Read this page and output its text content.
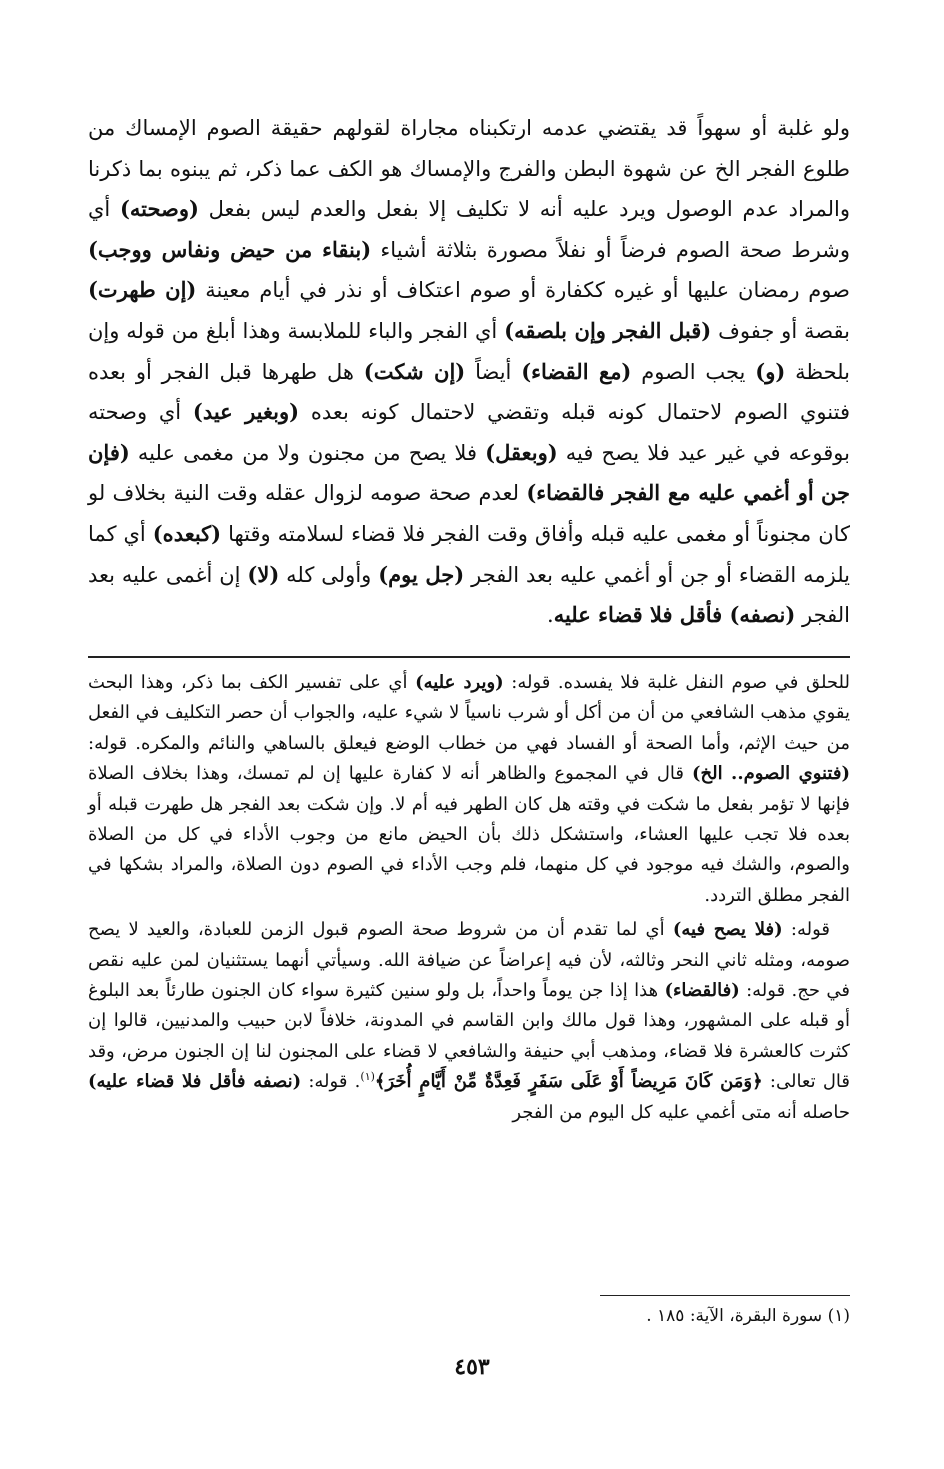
ولو غلبة أو سهواً قد يقتضي عدمه ارتكبناه مجاراة لقولهم حقيقة الصوم الإمساك من طلوع الفجر الخ عن شهوة البطن والفرج والإمساك هو الكف عما ذكر، ثم يبنوه بما ذكرنا والمراد عدم الوصول ويرد عليه أنه لا تكليف إلا بفعل والعدم ليس بفعل (وصحته) أي وشرط صحة الصوم فرضاً أو نفلاً مصورة بثلاثة أشياء (بنقاء من حيض ونفاس ووجب) صوم رمضان عليها أو غيره ككفارة أو صوم اعتكاف أو نذر في أيام معينة (إن طهرت) بقصة أو جفوف (قبل الفجر وإن بلصقه) أي الفجر والباء للملابسة وهذا أبلغ من قوله وإن بلحظة (و) يجب الصوم (مع القضاء) أيضاً (إن شكت) هل طهرها قبل الفجر أو بعده فتنوي الصوم لاحتمال كونه قبله وتقضي لاحتمال كونه بعده (وبغير عيد) أي وصحته بوقوعه في غير عيد فلا يصح فيه (وبعقل) فلا يصح من مجنون ولا من مغمى عليه (فإن جن أو أغمي عليه مع الفجر فالقضاء) لعدم صحة صومه لزوال عقله وقت النية بخلاف لو كان مجنوناً أو مغمى عليه قبله وأفاق وقت الفجر فلا قضاء لسلامته وقتها (كبعده) أي كما يلزمه القضاء أو جن أو أغمي عليه بعد الفجر (جل يوم) وأولى كله (لا) إن أغمى عليه بعد الفجر (نصفه) فأقل فلا قضاء عليه.

للحلق في صوم النفل غلبة فلا يفسده. قوله: (ويرد عليه) أي على تفسير الكف بما ذكر، وهذا البحث يقوي مذهب الشافعي من أن من أكل أو شرب ناسياً لا شيء عليه، والجواب أن حصر التكليف في الفعل من حيث الإثم، وأما الصحة أو الفساد فهي من خطاب الوضع فيعلق بالساهي والنائم والمكره. قوله: (فتنوي الصوم.. الخ) قال في المجموع والظاهر أنه لا كفارة عليها إن لم تمسك، وهذا بخلاف الصلاة فإنها لا تؤمر بفعل ما شكت في وقته هل كان الطهر فيه أم لا. وإن شكت بعد الفجر هل طهرت قبله أو بعده فلا تجب عليها العشاء، واستشكل ذلك بأن الحيض مانع من وجوب الأداء في كل من الصلاة والصوم، والشك فيه موجود في كل منهما، فلم وجب الأداء في الصوم دون الصلاة، والمراد بشكها في الفجر مطلق التردد.

قوله: (فلا يصح فيه) أي لما تقدم أن من شروط صحة الصوم قبول الزمن للعبادة، والعيد لا يصح صومه، ومثله ثاني النحر وثالثه، لأن فيه إعراضاً عن ضيافة الله. وسيأتي أنهما يستثنيان لمن عليه نقص في حج. قوله: (فالقضاء) هذا إذا جن يوماً واحداً، بل ولو سنين كثيرة سواء كان الجنون طارئاً بعد البلوغ أو قبله على المشهور، وهذا قول مالك وابن القاسم في المدونة، خلافاً لابن حبيب والمدنيين، قالوا إن كثرت كالعشرة فلا قضاء، ومذهب أبي حنيفة والشافعي لا قضاء على المجنون لنا إن الجنون مرض، وقد قال تعالى: ﴿وَمَن كَانَ مَرِيضاً أَوْ عَلَى سَفَرٍ فَعِدَّةٌ مِّنْ أَيَّامٍ أُخَرَ﴾$^{(١)}$. قوله: (نصفه فأقل فلا قضاء عليه) حاصله أنه متى أغمي عليه كل اليوم من الفجر

(١) سورة البقرة، الآية: ١٨٥ .
٤٥٣
